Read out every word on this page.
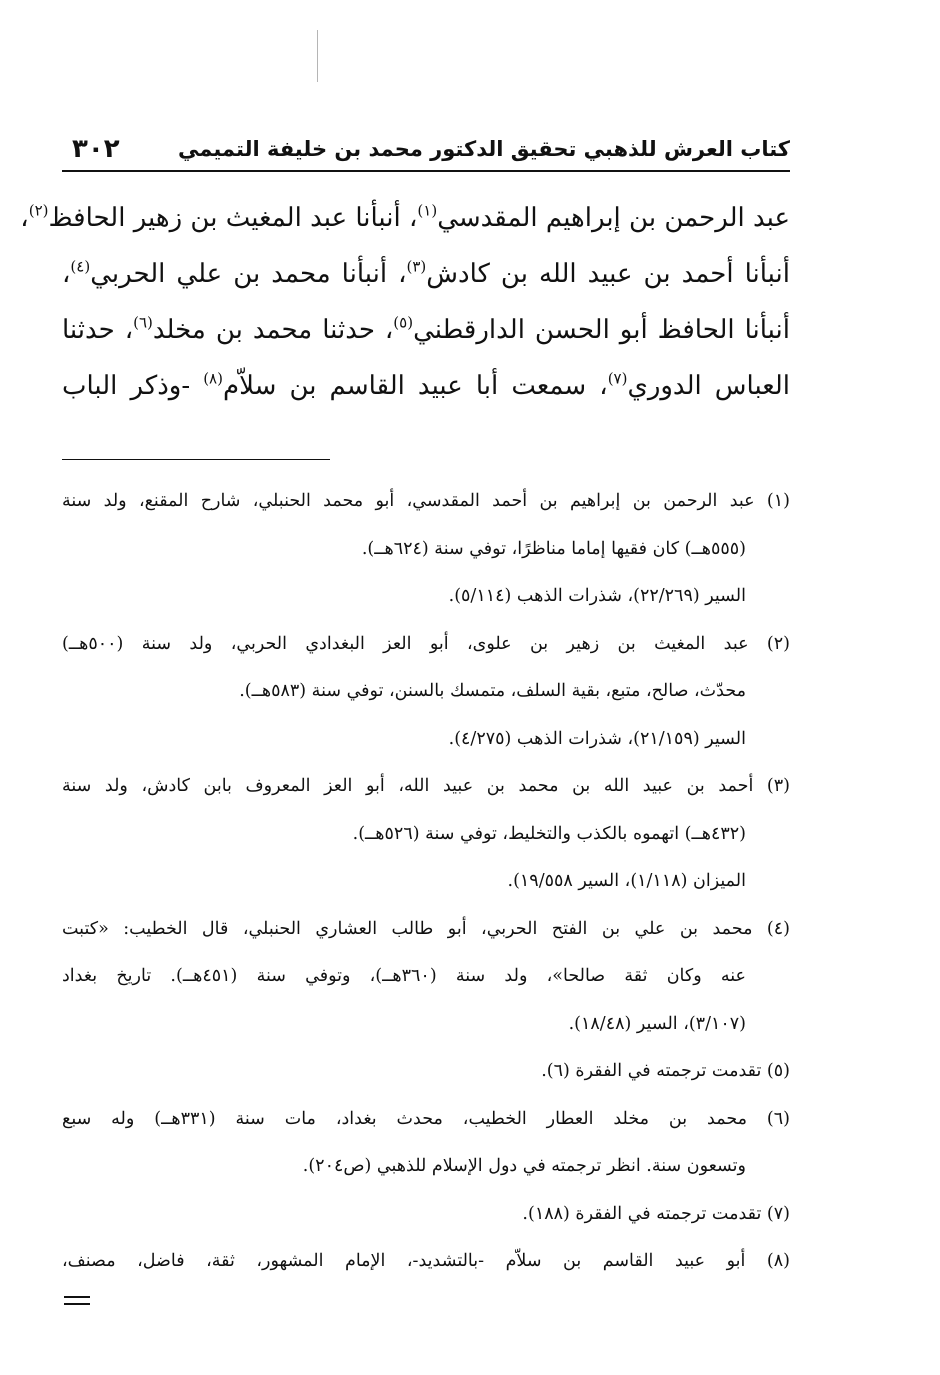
كتاب العرش للذهبي تحقيق الدكتور محمد بن خليفة التميمي
٣٠٢
عبد الرحمن بن إبراهيم المقدسي$^{(١)}$، أنبأنا عبد المغيث بن زهير الحافظ$^{(٢)}$،
أنبأنا أحمد بن عبيد الله بن كادش$^{(٣)}$، أنبأنا محمد بن علي الحربي$^{(٤)}$،
أنبأنا الحافظ أبو الحسن الدارقطني$^{(٥)}$، حدثنا محمد بن مخلد$^{(٦)}$، حدثنا
العباس الدوري$^{(٧)}$، سمعت أبا عبيد القاسم بن سلاّم$^{(٨)}$ -وذكر الباب
(١) عبد الرحمن بن إبراهيم بن أحمد المقدسي، أبو محمد الحنبلي، شارح المقنع، ولد سنة
(٥٥٥هــ) كان فقيها إماما مناظرًا، توفي سنة (٦٢٤هــ).
السير (٢٢/٢٦٩)، شذرات الذهب (٥/١١٤).
(٢) عبد المغيث بن زهير بن علوى، أبو العز البغدادي الحربي، ولد سنة (٥٠٠هــ)
محدّث، صالح، متبع، بقية السلف، متمسك بالسنن، توفي سنة (٥٨٣هــ).
السير (٢١/١٥٩)، شذرات الذهب (٤/٢٧٥).
(٣) أحمد بن عبيد الله بن محمد بن عبيد الله، أبو العز المعروف بابن كادش، ولد سنة
(٤٣٢هــ) اتهموه بالكذب والتخليط، توفي سنة (٥٢٦هــ).
الميزان (١/١١٨)، السير ١٩/٥٥٨).
(٤) محمد بن علي بن الفتح الحربي، أبو طالب العشاري الحنبلي، قال الخطيب: «كتبت
عنه وكان ثقة صالحا»، ولد سنة (٣٦٠هــ)، وتوفي سنة (٤٥١هــ). تاريخ بغداد
(٣/١٠٧)، السير (١٨/٤٨).
(٥) تقدمت ترجمته في الفقرة (٦).
(٦) محمد بن مخلد العطار الخطيب، محدث بغداد، مات سنة (٣٣١هــ) وله سبع
وتسعون سنة. انظر ترجمته في دول الإسلام للذهبي (ص٢٠٤).
(٧) تقدمت ترجمته في الفقرة (١٨٨).
(٨) أبو عبيد القاسم بن سلاّم -بالتشديد-، الإمام المشهور، ثقة، فاضل، مصنف،
